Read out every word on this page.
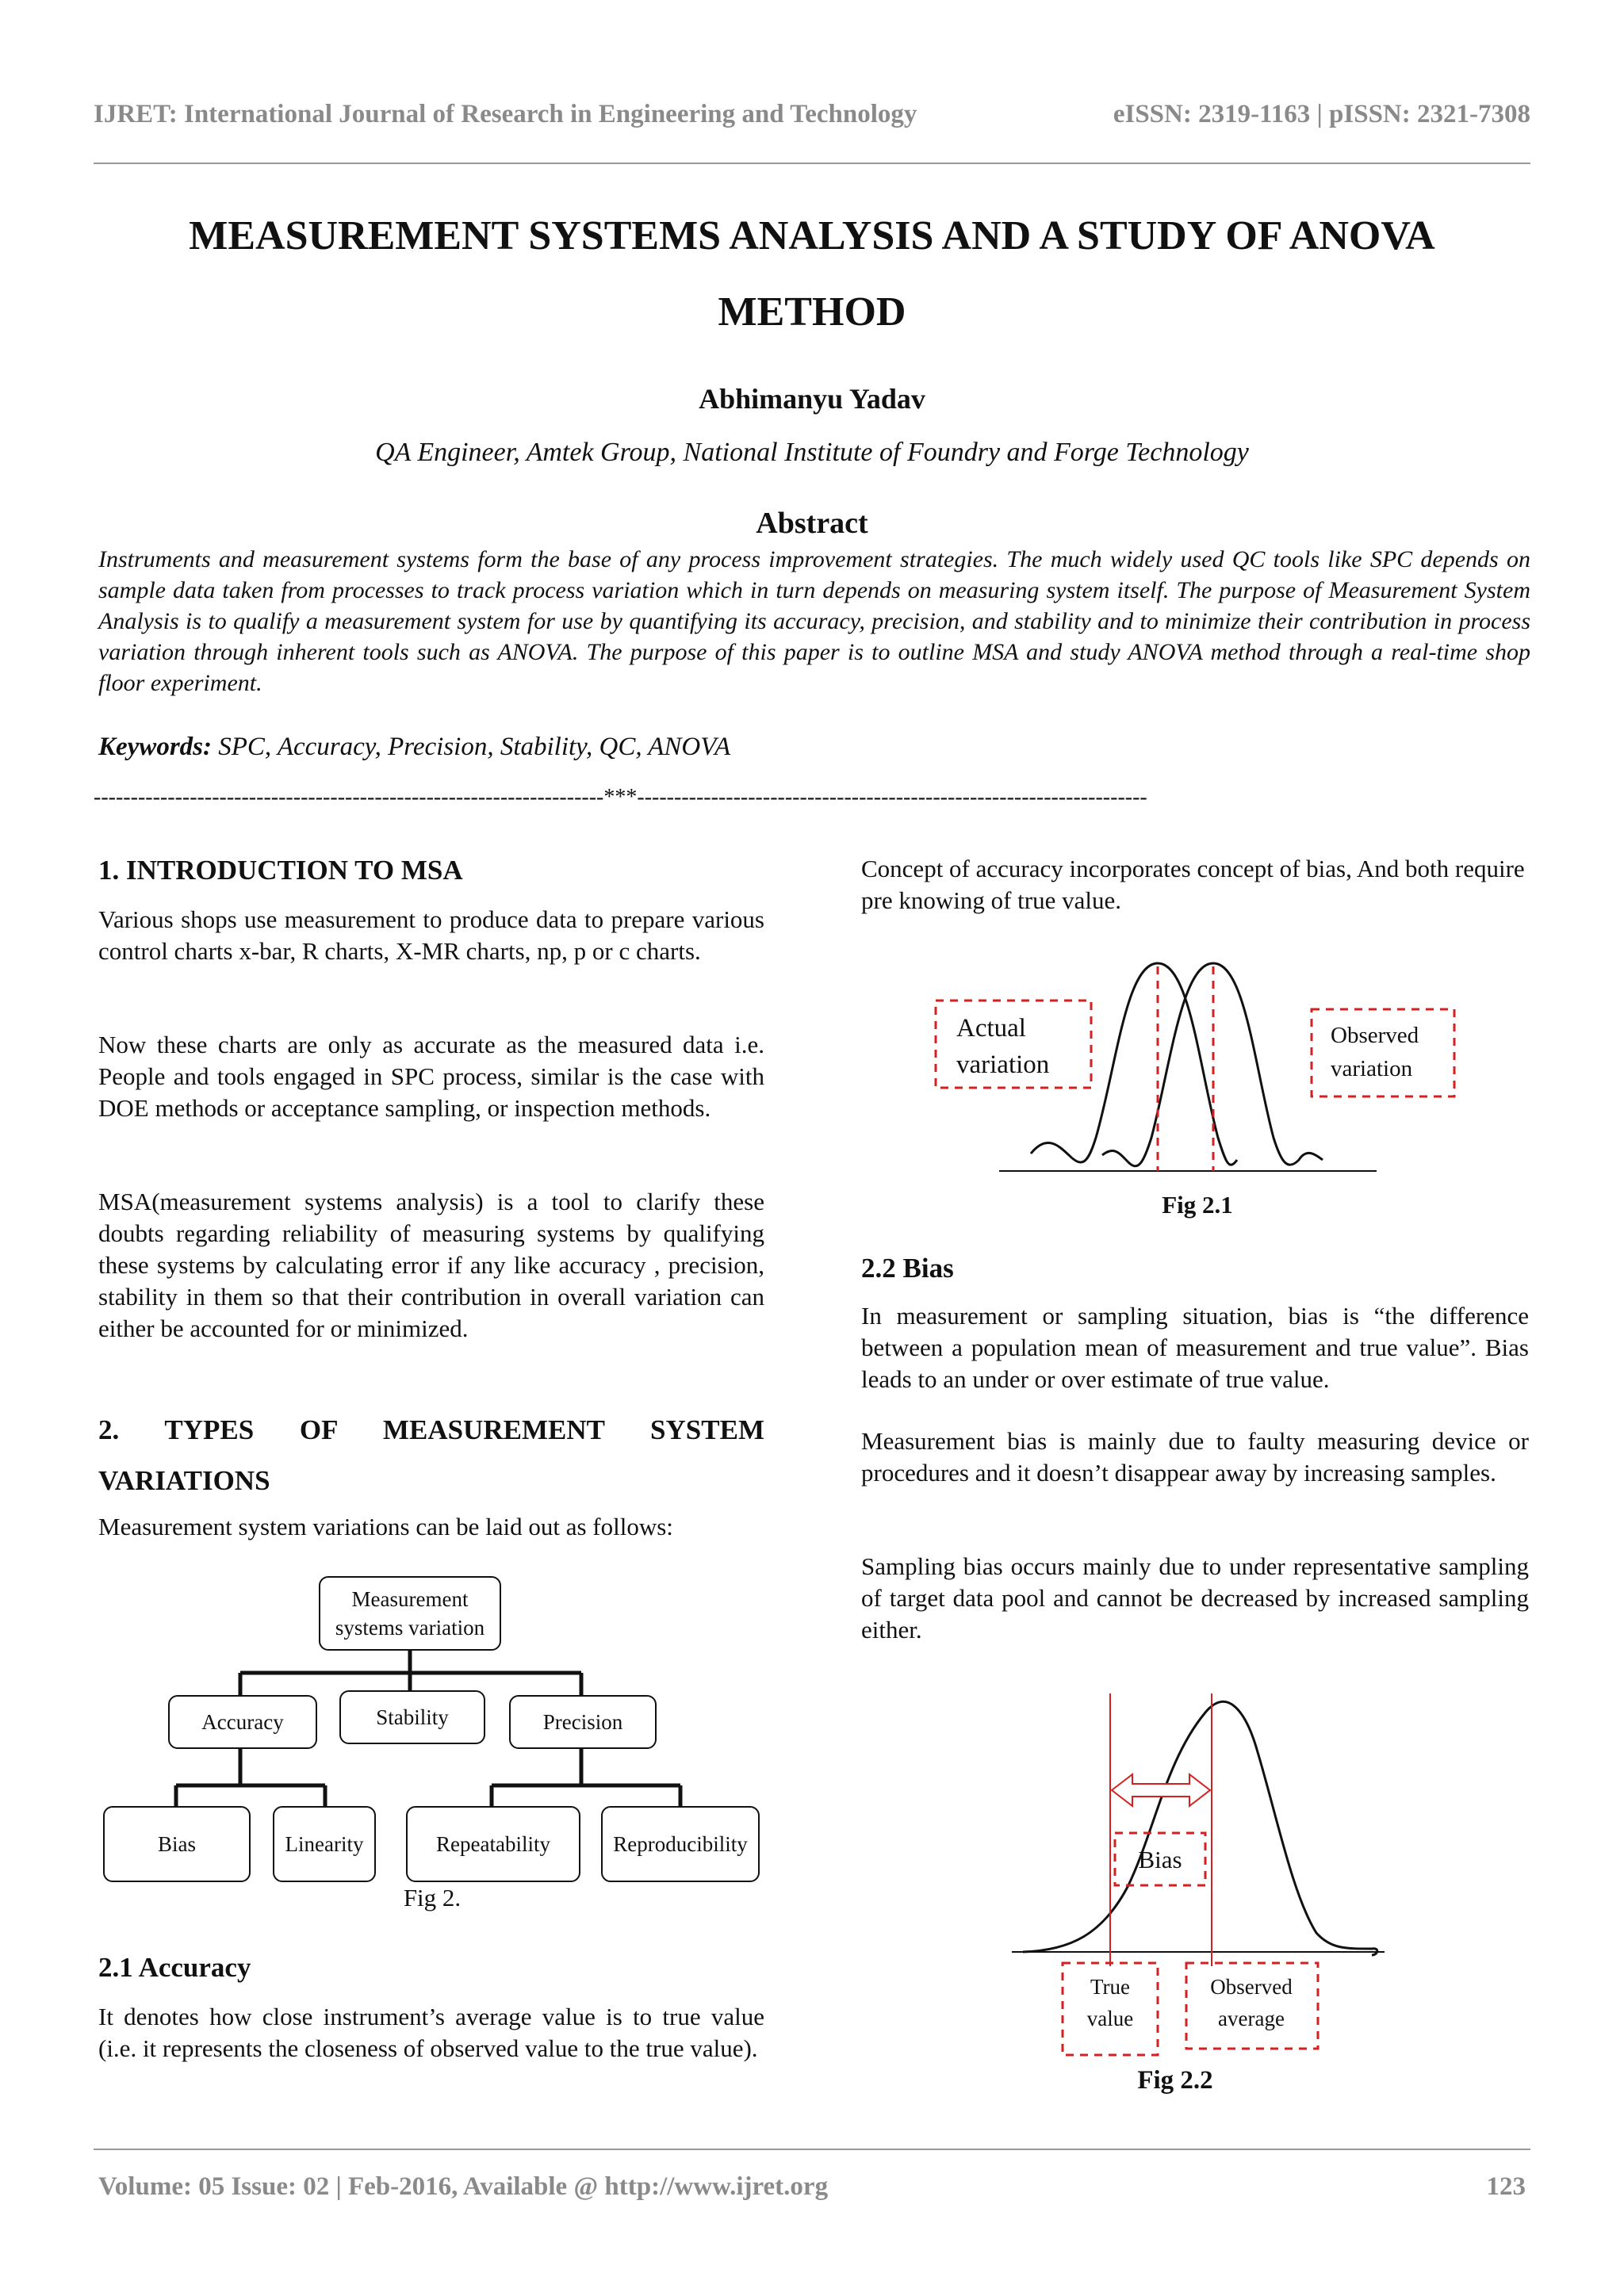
IJRET: International Journal of Research in Engineering and Technology	eISSN: 2319-1163 | pISSN: 2321-7308
MEASUREMENT SYSTEMS ANALYSIS AND A STUDY OF ANOVA METHOD
Abhimanyu Yadav
QA Engineer, Amtek Group, National Institute of Foundry and Forge Technology
Abstract
Instruments and measurement systems form the base of any process improvement strategies. The much widely used QC tools like SPC depends on sample data taken from processes to track process variation which in turn depends on measuring system itself. The purpose of Measurement System Analysis is to qualify a measurement system for use by quantifying its accuracy, precision, and stability and to minimize their contribution in process variation through inherent tools such as ANOVA. The purpose of this paper is to outline MSA and study ANOVA method through a real-time shop floor experiment.
Keywords: SPC, Accuracy, Precision, Stability, QC, ANOVA
---------------------------------------------------------------------***---------------------------------------------------------------------
1. INTRODUCTION TO MSA
Various shops use measurement to produce data to prepare various control charts x-bar, R charts, X-MR charts, np, p or c charts.
Now these charts are only as accurate as the measured data i.e. People and tools engaged in SPC process, similar is the case with DOE methods or acceptance sampling, or inspection methods.
MSA(measurement systems analysis) is a tool to clarify these doubts regarding reliability of measuring systems by qualifying these systems by calculating error if any like accuracy , precision, stability in them so that their contribution in overall variation can either be accounted for or minimized.
2. TYPES OF MEASUREMENT SYSTEM VARIATIONS
Measurement system variations can be laid out as follows:
Measurement systems variation
Accuracy	Stability	Precision
Bias	Linearity	Repeatability	Reproducibility
Fig 2.
2.1 Accuracy
It denotes how close instrument’s average value is to true value (i.e. it represents the closeness of observed value to the true value).
Concept of accuracy incorporates concept of bias, And both require pre knowing of true value.
Actual
variation
Observed
variation
Fig 2.1
2.2 Bias
In measurement or sampling situation, bias is “the difference between a population mean of measurement and true value”. Bias leads to an under or over estimate of true value.
Measurement bias is mainly due to faulty measuring device or procedures and it doesn’t disappear away by increasing samples.
Sampling bias occurs mainly due to under representative sampling of target data pool and cannot be decreased by increased sampling either.
Bias
True
value
Observed
average
Fig 2.2
Volume: 05 Issue: 02 | Feb-2016, Available @ http://www.ijret.org	123
